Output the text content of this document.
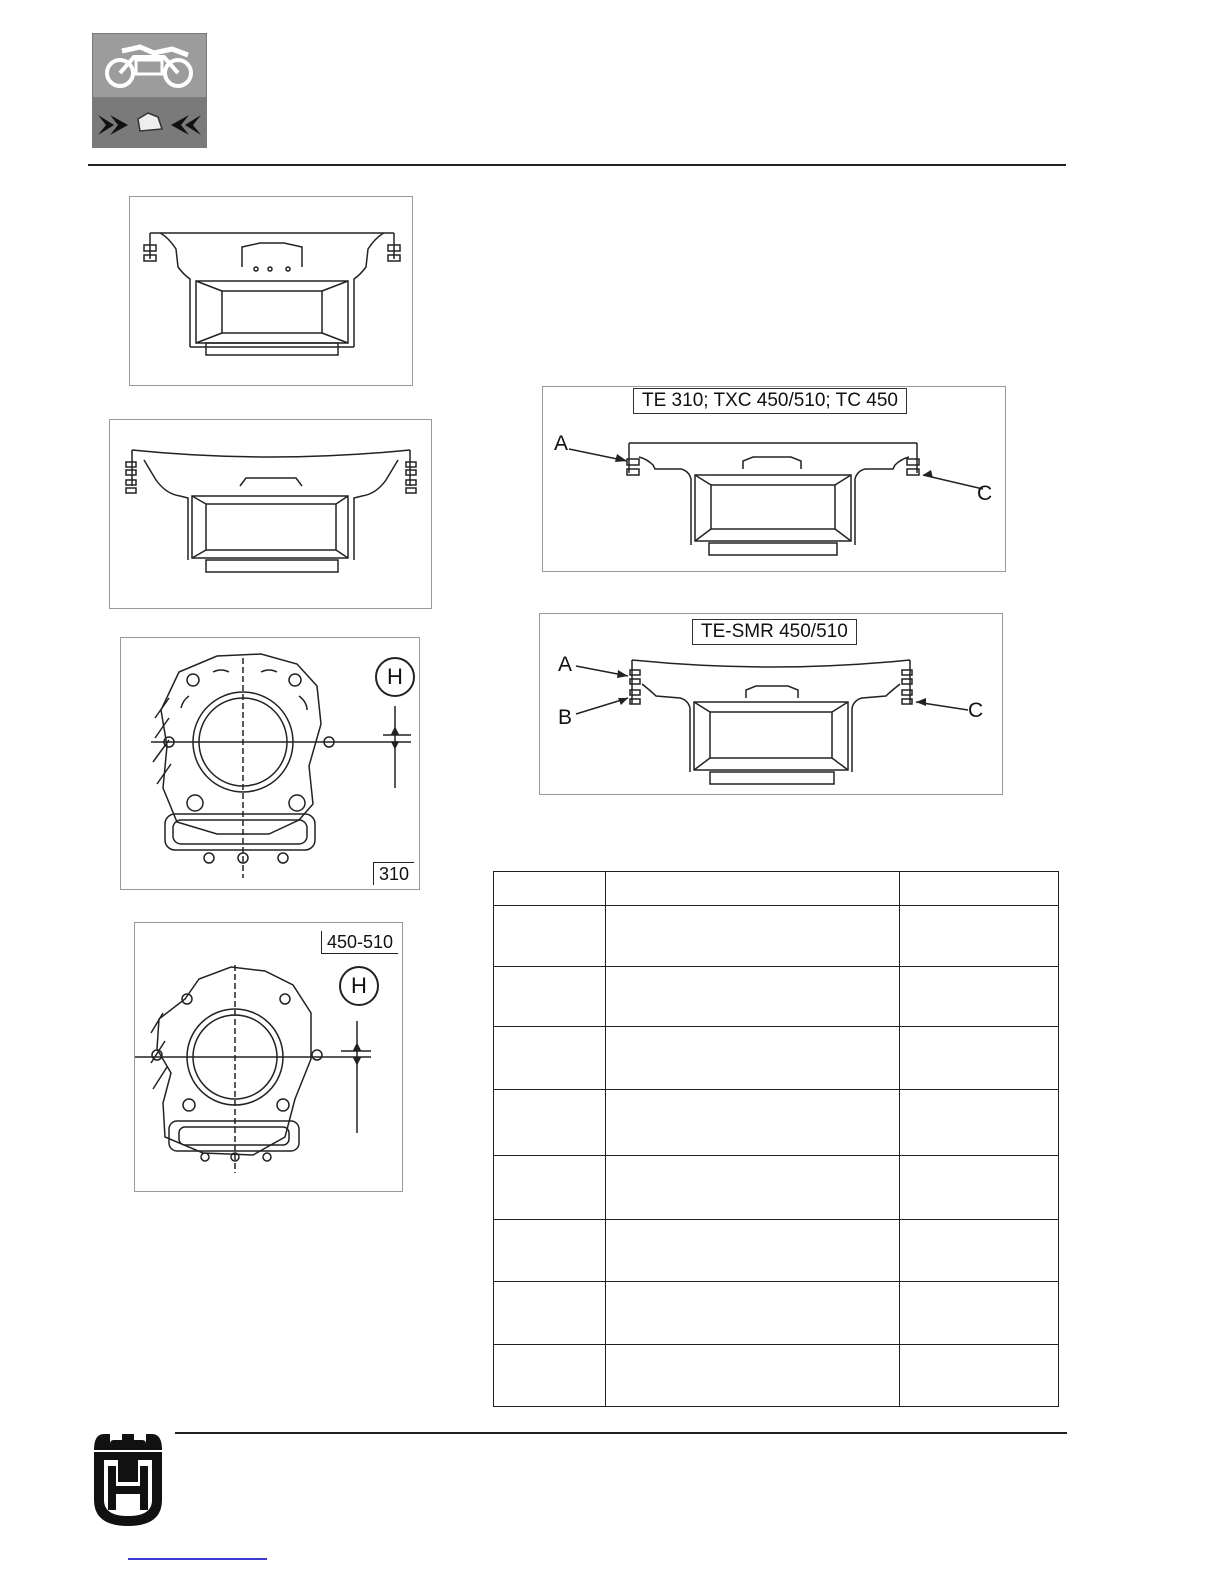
H
310
450-510
H
TE 310; TXC 450/510; TC 450
A
C
TE-SMR 450/510
A
B	C
